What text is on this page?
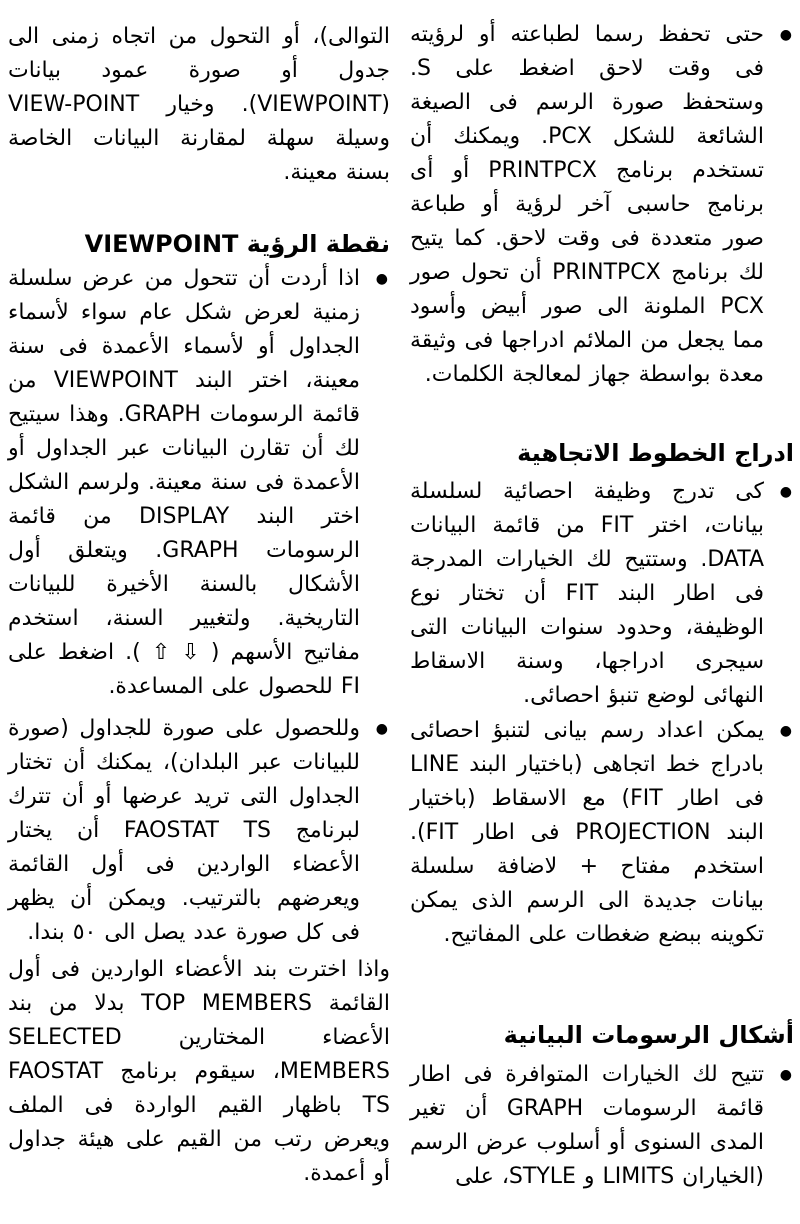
●
حتى تحفظ رسما لطباعته أو لرؤيته فى وقت لاحق اضغط على S. وستحفظ صورة الرسم فى الصيغة الشائعة للشكل PCX. ويمكنك أن تستخدم برنامج PRINTPCX أو أى برنامج حاسبى آخر لرؤية أو طباعة صور متعددة فى وقت لاحق. كما يتيح لك برنامج PRINTPCX أن تحول صور PCX الملونة الى صور أبيض وأسود مما يجعل من الملائم ادراجها فى وثيقة معدة بواسطة جهاز لمعالجة الكلمات.
ادراج الخطوط الاتجاهية
●
كى تدرج وظيفة احصائية لسلسلة بيانات، اختر FIT من قائمة البيانات DATA. وستتيح لك الخيارات المدرجة فى اطار البند FIT أن تختار نوع الوظيفة، وحدود سنوات البيانات التى سيجرى ادراجها، وسنة الاسقاط النهائى لوضع تنبؤ احصائى.
●
يمكن اعداد رسم بيانى لتنبؤ احصائى بادراج خط اتجاهى (باختيار البند LINE فى اطار FIT) مع الاسقاط (باختيار البند PROJECTION فى اطار FIT). استخدم مفتاح + لاضافة سلسلة بيانات جديدة الى الرسم الذى يمكن تكوينه ببضع ضغطات على المفاتيح.
أشكال الرسومات البيانية
●
تتيح لك الخيارات المتوافرة فى اطار قائمة الرسومات GRAPH أن تغير المدى السنوى أو أسلوب عرض الرسم (الخياران LIMITS و STYLE، على
التوالى)، أو التحول من اتجاه زمنى الى جدول أو صورة عمود بيانات (VIEWPOINT). وخيار VIEW-POINT وسيلة سهلة لمقارنة البيانات الخاصة بسنة معينة.
نقطة الرؤية VIEWPOINT
●
اذا أردت أن تتحول من عرض سلسلة زمنية لعرض شكل عام سواء لأسماء الجداول أو لأسماء الأعمدة فى سنة معينة، اختر البند VIEWPOINT من قائمة الرسومات GRAPH. وهذا سيتيح لك أن تقارن البيانات عبر الجداول أو الأعمدة فى سنة معينة. ولرسم الشكل اختر البند DISPLAY من قائمة الرسومات GRAPH. ويتعلق أول الأشكال بالسنة الأخيرة للبيانات التاريخية. ولتغيير السنة، استخدم مفاتيح الأسهم ⁦( ⇧ ⇩ )⁩. اضغط على FI للحصول على المساعدة.
●
وللحصول على صورة للجداول (صورة للبيانات عبر البلدان)، يمكنك أن تختار الجداول التى تريد عرضها أو أن تترك لبرنامج FAOSTAT TS أن يختار الأعضاء الواردين فى أول القائمة ويعرضهم بالترتيب. ويمكن أن يظهر فى كل صورة عدد يصل الى ٥٠ بندا.
واذا اخترت بند الأعضاء الواردين فى أول القائمة TOP MEMBERS بدلا من بند الأعضاء المختارين SELECTED MEMBERS، سيقوم برنامج FAOSTAT TS باظهار القيم الواردة فى الملف ويعرض رتب من القيم على هيئة جداول أو أعمدة.
